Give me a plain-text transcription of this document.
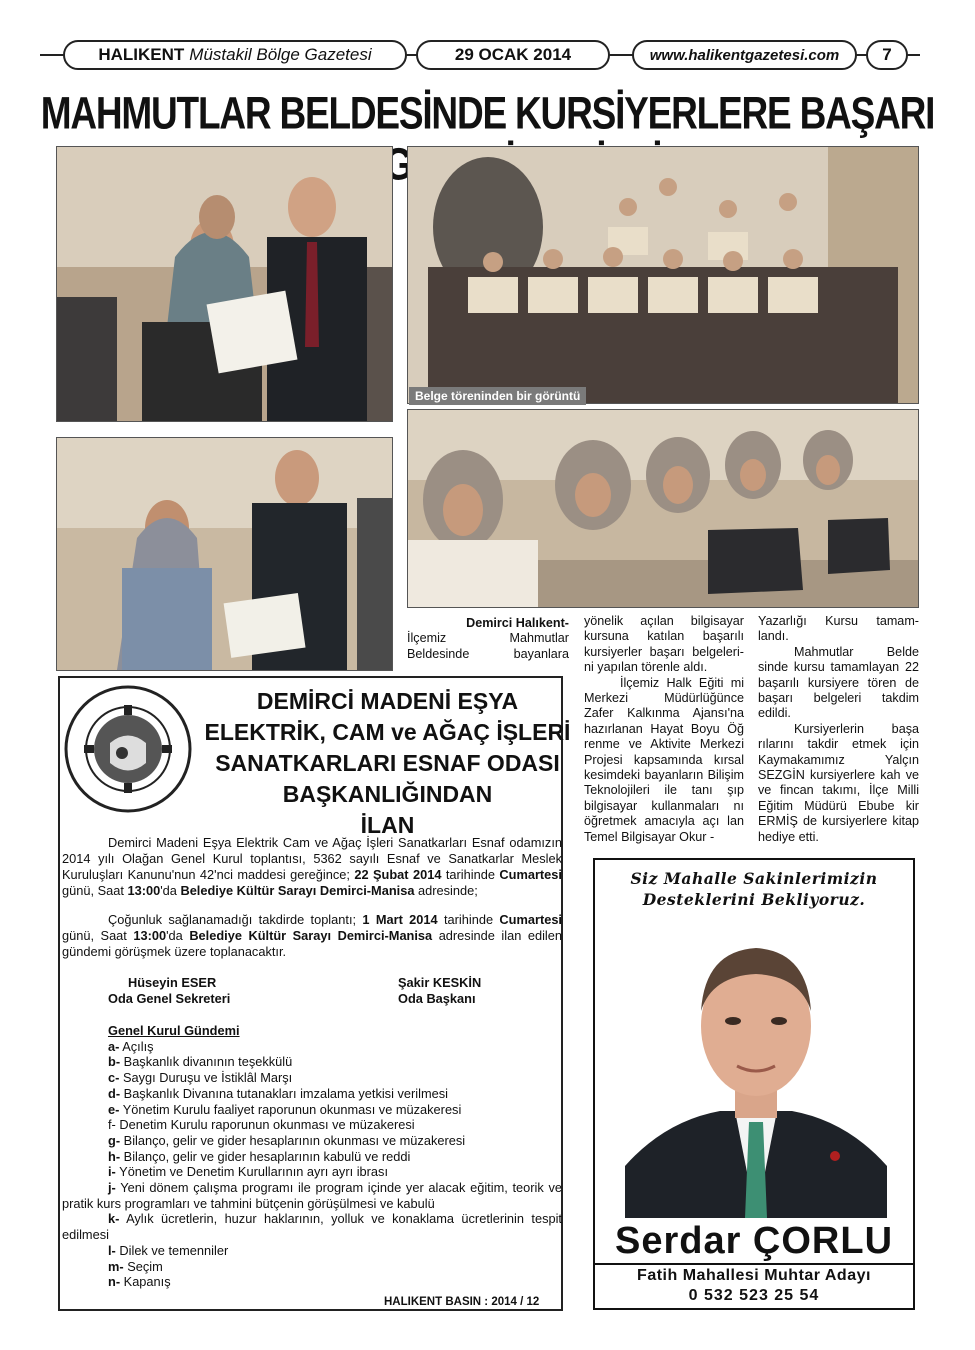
HALIKENT Müstakil Bölge Gazetesi	29 OCAK 2014	www.halikentgazetesi.com	7
MAHMUTLAR BELDESİNDE KURSİYERLERE BAŞARI
Belge töreninden bir görüntü

Demirci Halıkent-

İlçemiz Mahmutlar Beldesinde bayanlara

yönelik açılan bilgisayar kursuna katılan başarılı kursiyerler başarı belgeleri- ni yapılan törenle aldı.

İlçemiz Halk Eğiti mi Merkezi Müdürlüğünce Zafer Kalkınma Ajansı'na hazırlanan Hayat Boyu Öğ renme ve Aktivite Merkezi Projesi kapsamında kırsal kesimdeki bayanların Bilişim Teknolojileri ile tanı şıp bilgisayar kullanmaları nı öğretmek amacıyla açı lan Temel Bilgisayar Okur -

Yazarlığı Kursu tamam- landı.

Mahmutlar Belde sinde kursu tamamlayan 22 başarılı kursiyere tören de başarı belgeleri takdim edildi.

Kursiyerlerin başa rılarını takdir etmek için Kaymakamımız Yalçın SEZGİN kursiyerlere kah ve ve fincan takımı, İlçe Milli Eğitim Müdürü Ebube kir ERMİŞ de kursiyerlere kitap hediye etti.

DEMİRCİ MADENİ EŞYA
ELEKTRİK, CAM ve AĞAÇ İŞLERİ
SANATKARLARI ESNAF ODASI
BAŞKANLIĞINDAN
İLAN

Demirci Madeni Eşya Elektrik Cam ve Ağaç İşleri Sanatkarları Esnaf odamızın 2014 yılı Olağan Genel Kurul toplantısı, 5362 sayılı Esnaf ve Sanatkarlar Meslek Kuruluşları Kanunu'nun 42'nci maddesi gereğince; 22 Şubat 2014 tarihinde Cumartesi günü, Saat 13:00'da Belediye Kültür Sarayı Demirci-Manisa adresinde;

Çoğunluk sağlanamadığı takdirde toplantı; 1 Mart 2014 tarihinde Cumartesi günü, Saat 13:00'da Belediye Kültür Sarayı Demirci-Manisa adresinde ilan edilen gündemi görüşmek üzere toplanacaktır.

Hüseyin ESER
Oda Genel Sekreteri
Şakir KESKİN
Oda Başkanı
Genel Kurul Gündemi
a- Açılış
b- Başkanlık divanının teşekkülü
c- Saygı Duruşu ve İstiklâl Marşı
d- Başkanlık Divanına tutanakları imzalama yetkisi verilmesi
e- Yönetim Kurulu faaliyet raporunun okunması ve müzakeresi
f- Denetim Kurulu raporunun okunması ve müzakeresi
g- Bilanço, gelir ve gider hesaplarının okunması ve müzakeresi
h- Bilanço, gelir ve gider hesaplarının kabulü ve reddi
i- Yönetim ve Denetim Kurullarının ayrı ayrı ibrası
j- Yeni dönem çalışma programı ile program içinde yer alacak eğitim, teorik ve pratik kurs programları ve tahmini bütçenin görüşülmesi ve kabulü
k- Aylık ücretlerin, huzur haklarının, yolluk ve konaklama ücretlerinin tespit edilmesi
l- Dilek ve temenniler
m- Seçim
n- Kapanış
HALIKENT BASIN : 2014 / 12
Siz Mahalle Sakinlerimizin
Desteklerini Bekliyoruz.
Serdar ÇORLU
Fatih Mahallesi Muhtar Adayı
0 532 523 25 54
